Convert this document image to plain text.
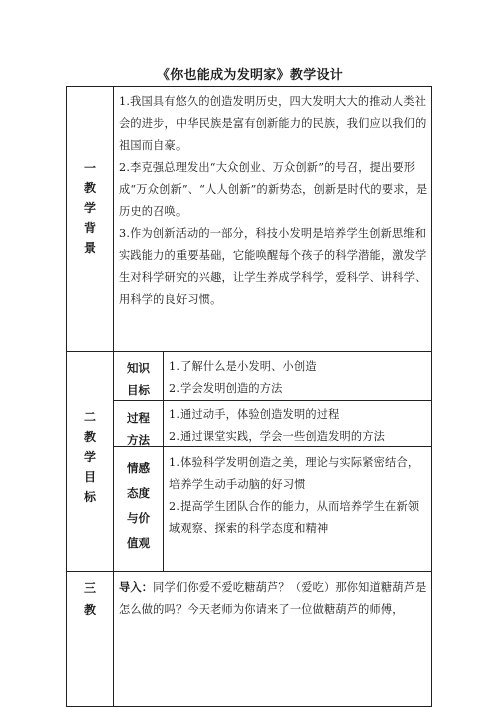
《你也能成为发明家》教学设计
一
教
学
背
景

1.我国具有悠久的创造发明历史，四大发明大大的推动人类社会的进步，中华民族是富有创新能力的民族，我们应以我们的祖国而自豪。

2.李克强总理发出“大众创业、万众创新”的号召，提出要形成“万众创新”、“人人创新”的新势态，创新是时代的要求，是历史的召唤。

3.作为创新活动的一部分，科技小发明是培养学生创新思维和实践能力的重要基础，它能唤醒每个孩子的科学潜能，激发学生对科学研究的兴趣，让学生养成学科学，爱科学、讲科学、用科学的良好习惯。

二
教
学
目
标
知识
目标

1.了解什么是小发明、小创造

2.学会发明创造的方法

过程
方法

1.通过动手，体验创造发明的过程

2.通过课堂实践，学会一些创造发明的方法

情感
态度
与价
值观

1.体验科学发明创造之美，理论与实际紧密结合，培养学生动手动脑的好习惯

2.提高学生团队合作的能力，从而培养学生在新领域观察、探索的科学态度和精神

三
教

导入：同学们你爱不爱吃糖葫芦？（爱吃）那你知道糖葫芦是怎么做的吗？今天老师为你请来了一位做糖葫芦的师傅，
